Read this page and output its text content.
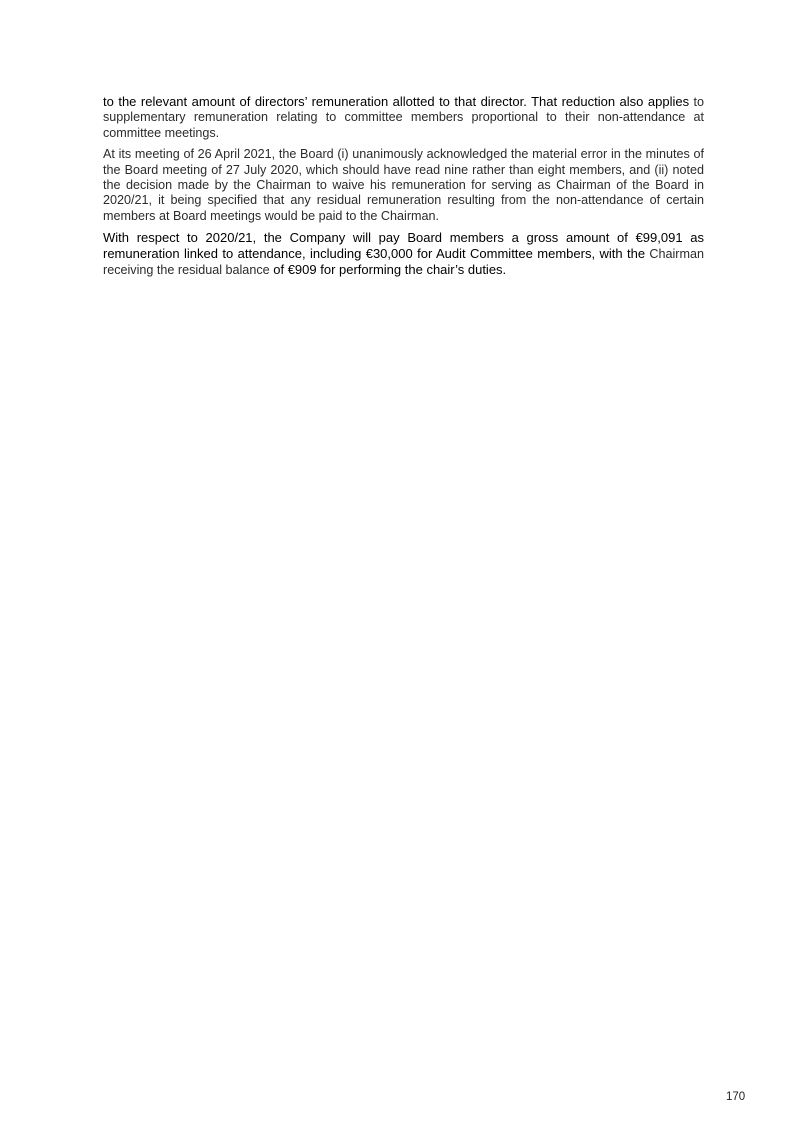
to the relevant amount of directors’ remuneration allotted to that director. That reduction also applies to supplementary remuneration relating to committee members proportional to their non-attendance at committee meetings.

At its meeting of 26 April 2021, the Board (i) unanimously acknowledged the material error in the minutes of the Board meeting of 27 July 2020, which should have read nine rather than eight members, and (ii) noted the decision made by the Chairman to waive his remuneration for serving as Chairman of the Board in 2020/21, it being specified that any residual remuneration resulting from the non-attendance of certain members at Board meetings would be paid to the Chairman.

With respect to 2020/21, the Company will pay Board members a gross amount of €99,091 as remuneration linked to attendance, including €30,000 for Audit Committee members, with the Chairman receiving the residual balance of €909 for performing the chair’s duties.

170
